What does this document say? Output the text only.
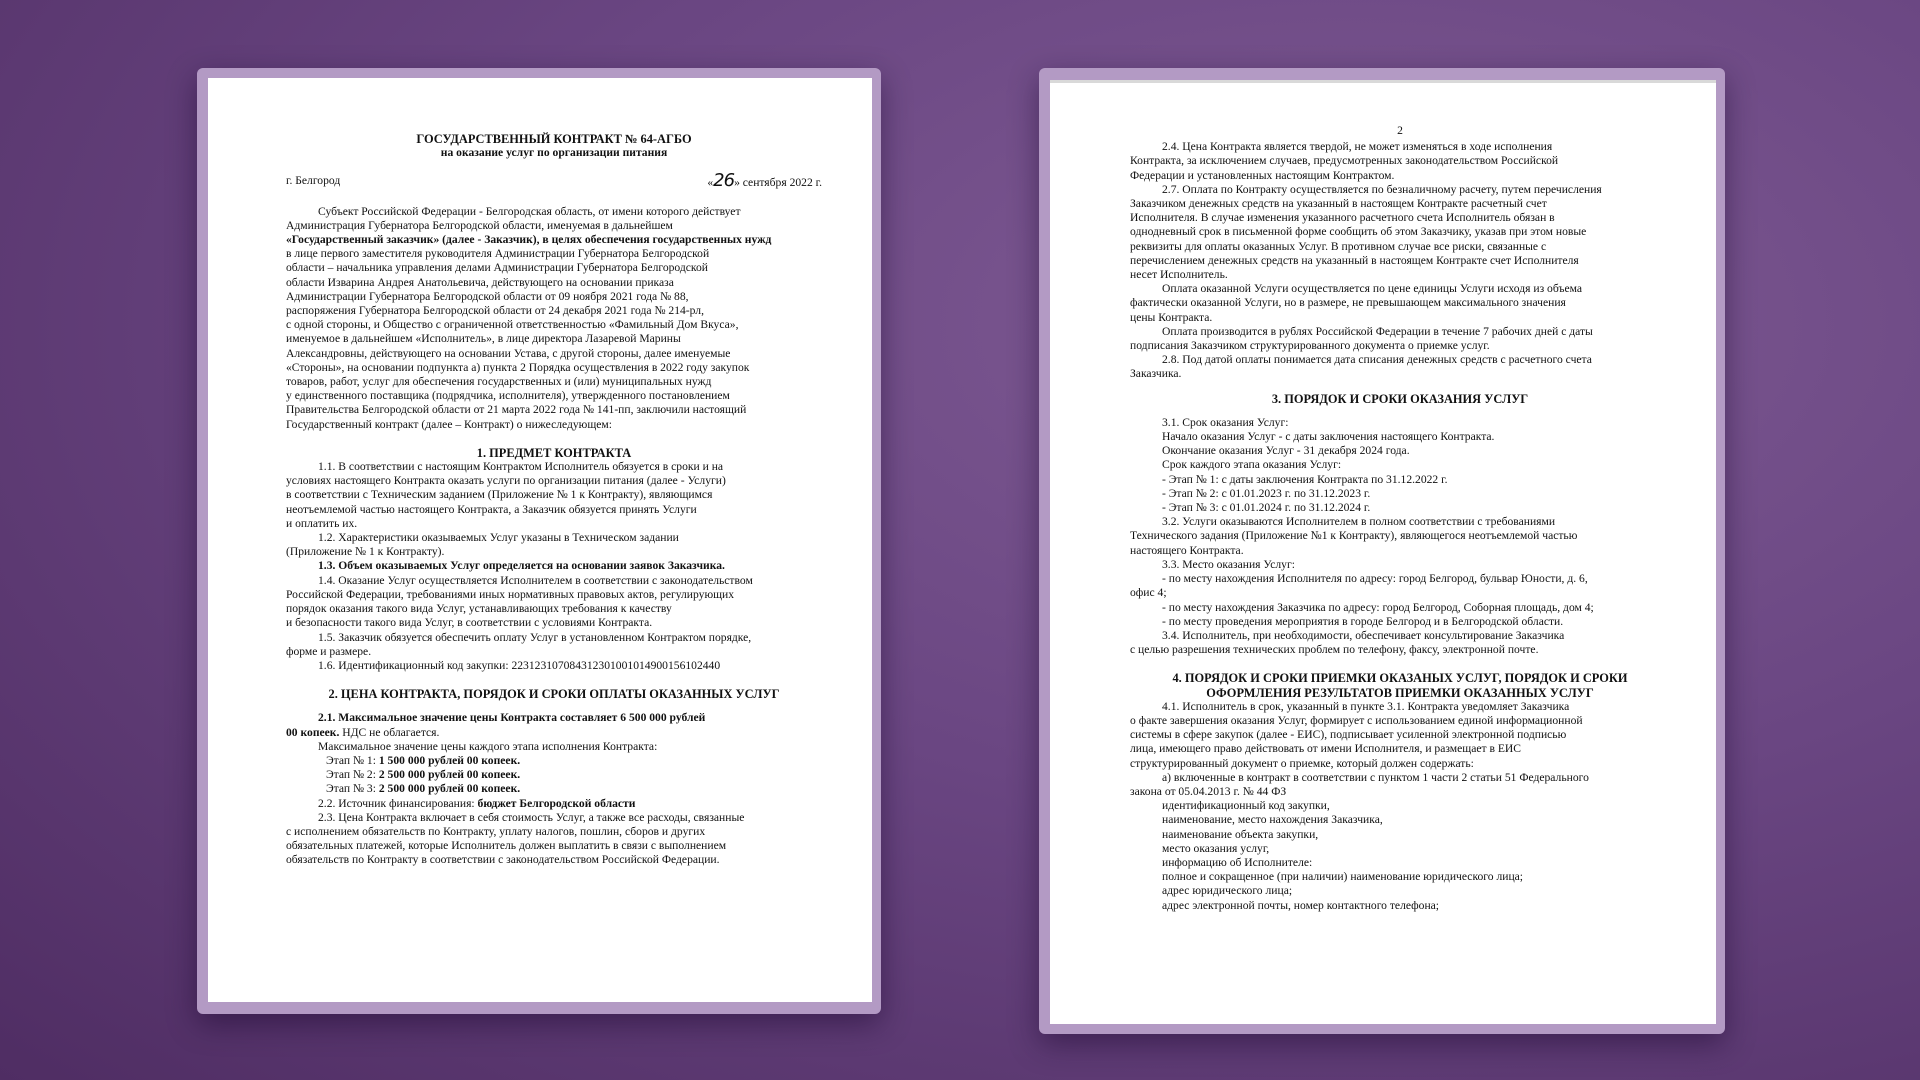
ГОСУДАРСТВЕННЫЙ КОНТРАКТ № 64-АГБО

на оказание услуг по организации питания

г. Белгород	«26» сентября 2022 г.

Субъект Российской Федерации - Белгородская область, от имени которого действует

Администрация Губернатора Белгородской области, именуемая в дальнейшем

«Государственный заказчик» (далее - Заказчик), в целях обеспечения государственных нужд

в лице первого заместителя руководителя Администрации Губернатора Белгородской

области – начальника управления делами Администрации Губернатора Белгородской

области Изварина Андрея Анатольевича, действующего на основании приказа

Администрации Губернатора Белгородской области от 09 ноября 2021 года № 88,

распоряжения Губернатора Белгородской области от 24 декабря 2021 года № 214-рл,

с одной стороны, и Общество с ограниченной ответственностью «Фамильный Дом Вкуса»,

именуемое в дальнейшем «Исполнитель», в лице директора Лазаревой Марины

Александровны, действующего на основании Устава, с другой стороны, далее именуемые

«Стороны», на основании подпункта а) пункта 2 Порядка осуществления в 2022 году закупок

товаров, работ, услуг для обеспечения государственных и (или) муниципальных нужд

у единственного поставщика (подрядчика, исполнителя), утвержденного постановлением

Правительства Белгородской области от 21 марта 2022 года № 141-пп, заключили настоящий

Государственный контракт (далее – Контракт) о нижеследующем:

1. ПРЕДМЕТ КОНТРАКТА

1.1. В соответствии с настоящим Контрактом Исполнитель обязуется в сроки и на

условиях настоящего Контракта оказать услуги по организации питания (далее - Услуги)

в соответствии с Техническим заданием (Приложение № 1 к Контракту), являющимся

неотъемлемой частью настоящего Контракта, а Заказчик обязуется принять Услуги

и оплатить их.

1.2. Характеристики оказываемых Услуг указаны в Техническом задании

(Приложение № 1 к Контракту).

1.3. Объем оказываемых Услуг определяется на основании заявок Заказчика.

1.4. Оказание Услуг осуществляется Исполнителем в соответствии с законодательством

Российской Федерации, требованиями иных нормативных правовых актов, регулирующих

порядок оказания такого вида Услуг, устанавливающих требования к качеству

и безопасности такого вида Услуг, в соответствии с условиями Контракта.

1.5. Заказчик обязуется обеспечить оплату Услуг в установленном Контрактом порядке,

форме и размере.

1.6. Идентификационный код закупки: 223123107084312301001014900156102440

2. ЦЕНА КОНТРАКТА, ПОРЯДОК И СРОКИ ОПЛАТЫ ОКАЗАННЫХ УСЛУГ

2.1. Максимальное значение цены Контракта составляет 6 500 000 рублей

00 копеек. НДС не облагается.

Максимальное значение цены каждого этапа исполнения Контракта:

Этап № 1: 1 500 000 рублей 00 копеек.

Этап № 2: 2 500 000 рублей 00 копеек.

Этап № 3: 2 500 000 рублей 00 копеек.

2.2. Источник финансирования: бюджет Белгородской области

2.3. Цена Контракта включает в себя стоимость Услуг, а также все расходы, связанные

с исполнением обязательств по Контракту, уплату налогов, пошлин, сборов и других

обязательных платежей, которые Исполнитель должен выплатить в связи с выполнением

обязательств по Контракту в соответствии с законодательством Российской Федерации.

2

2.4. Цена Контракта является твердой, не может изменяться в ходе исполнения

Контракта, за исключением случаев, предусмотренных законодательством Российской

Федерации и установленных настоящим Контрактом.

2.7. Оплата по Контракту осуществляется по безналичному расчету, путем перечисления

Заказчиком денежных средств на указанный в настоящем Контракте расчетный счет

Исполнителя. В случае изменения указанного расчетного счета Исполнитель обязан в

однодневный срок в письменной форме сообщить об этом Заказчику, указав при этом новые

реквизиты для оплаты оказанных Услуг. В противном случае все риски, связанные с

перечислением денежных средств на указанный в настоящем Контракте счет Исполнителя

несет Исполнитель.

Оплата оказанной Услуги осуществляется по цене единицы Услуги исходя из объема

фактически оказанной Услуги, но в размере, не превышающем максимального значения

цены Контракта.

Оплата производится в рублях Российской Федерации в течение 7 рабочих дней с даты

подписания Заказчиком структурированного документа о приемке услуг.

2.8. Под датой оплаты понимается дата списания денежных средств с расчетного счета

Заказчика.

3. ПОРЯДОК И СРОКИ ОКАЗАНИЯ УСЛУГ

3.1. Срок оказания Услуг:

Начало оказания Услуг - с даты заключения настоящего Контракта.

Окончание оказания Услуг - 31 декабря 2024 года.

Срок каждого этапа оказания Услуг:

- Этап № 1: с даты заключения Контракта по 31.12.2022 г.

- Этап № 2: с 01.01.2023 г. по 31.12.2023 г.

- Этап № 3: с 01.01.2024 г. по 31.12.2024 г.

3.2. Услуги оказываются Исполнителем в полном соответствии с требованиями

Технического задания (Приложение №1 к Контракту), являющегося неотъемлемой частью

настоящего Контракта.

3.3. Место оказания Услуг:

- по месту нахождения Исполнителя по адресу: город Белгород, бульвар Юности, д. 6,

офис 4;

- по месту нахождения Заказчика по адресу: город Белгород, Соборная площадь, дом 4;

- по месту проведения мероприятия в городе Белгород и в Белгородской области.

3.4. Исполнитель, при необходимости, обеспечивает консультирование Заказчика

с целью разрешения технических проблем по телефону, факсу, электронной почте.

4. ПОРЯДОК И СРОКИ ПРИЕМКИ ОКАЗАНЫХ УСЛУГ, ПОРЯДОК И СРОКИ

ОФОРМЛЕНИЯ РЕЗУЛЬТАТОВ ПРИЕМКИ ОКАЗАННЫХ УСЛУГ

4.1. Исполнитель в срок, указанный в пункте 3.1. Контракта уведомляет Заказчика

о факте завершения оказания Услуг, формирует с использованием единой информационной

системы в сфере закупок (далее - ЕИС), подписывает усиленной электронной подписью

лица, имеющего право действовать от имени Исполнителя, и размещает в ЕИС

структурированный документ о приемке, который должен содержать:

а) включенные в контракт в соответствии с пунктом 1 части 2 статьи 51 Федерального

закона от 05.04.2013 г. № 44 ФЗ

идентификационный код закупки,

наименование, место нахождения Заказчика,

наименование объекта закупки,

место оказания услуг,

информацию об Исполнителе:

полное и сокращенное (при наличии) наименование юридического лица;

адрес юридического лица;

адрес электронной почты, номер контактного телефона;
